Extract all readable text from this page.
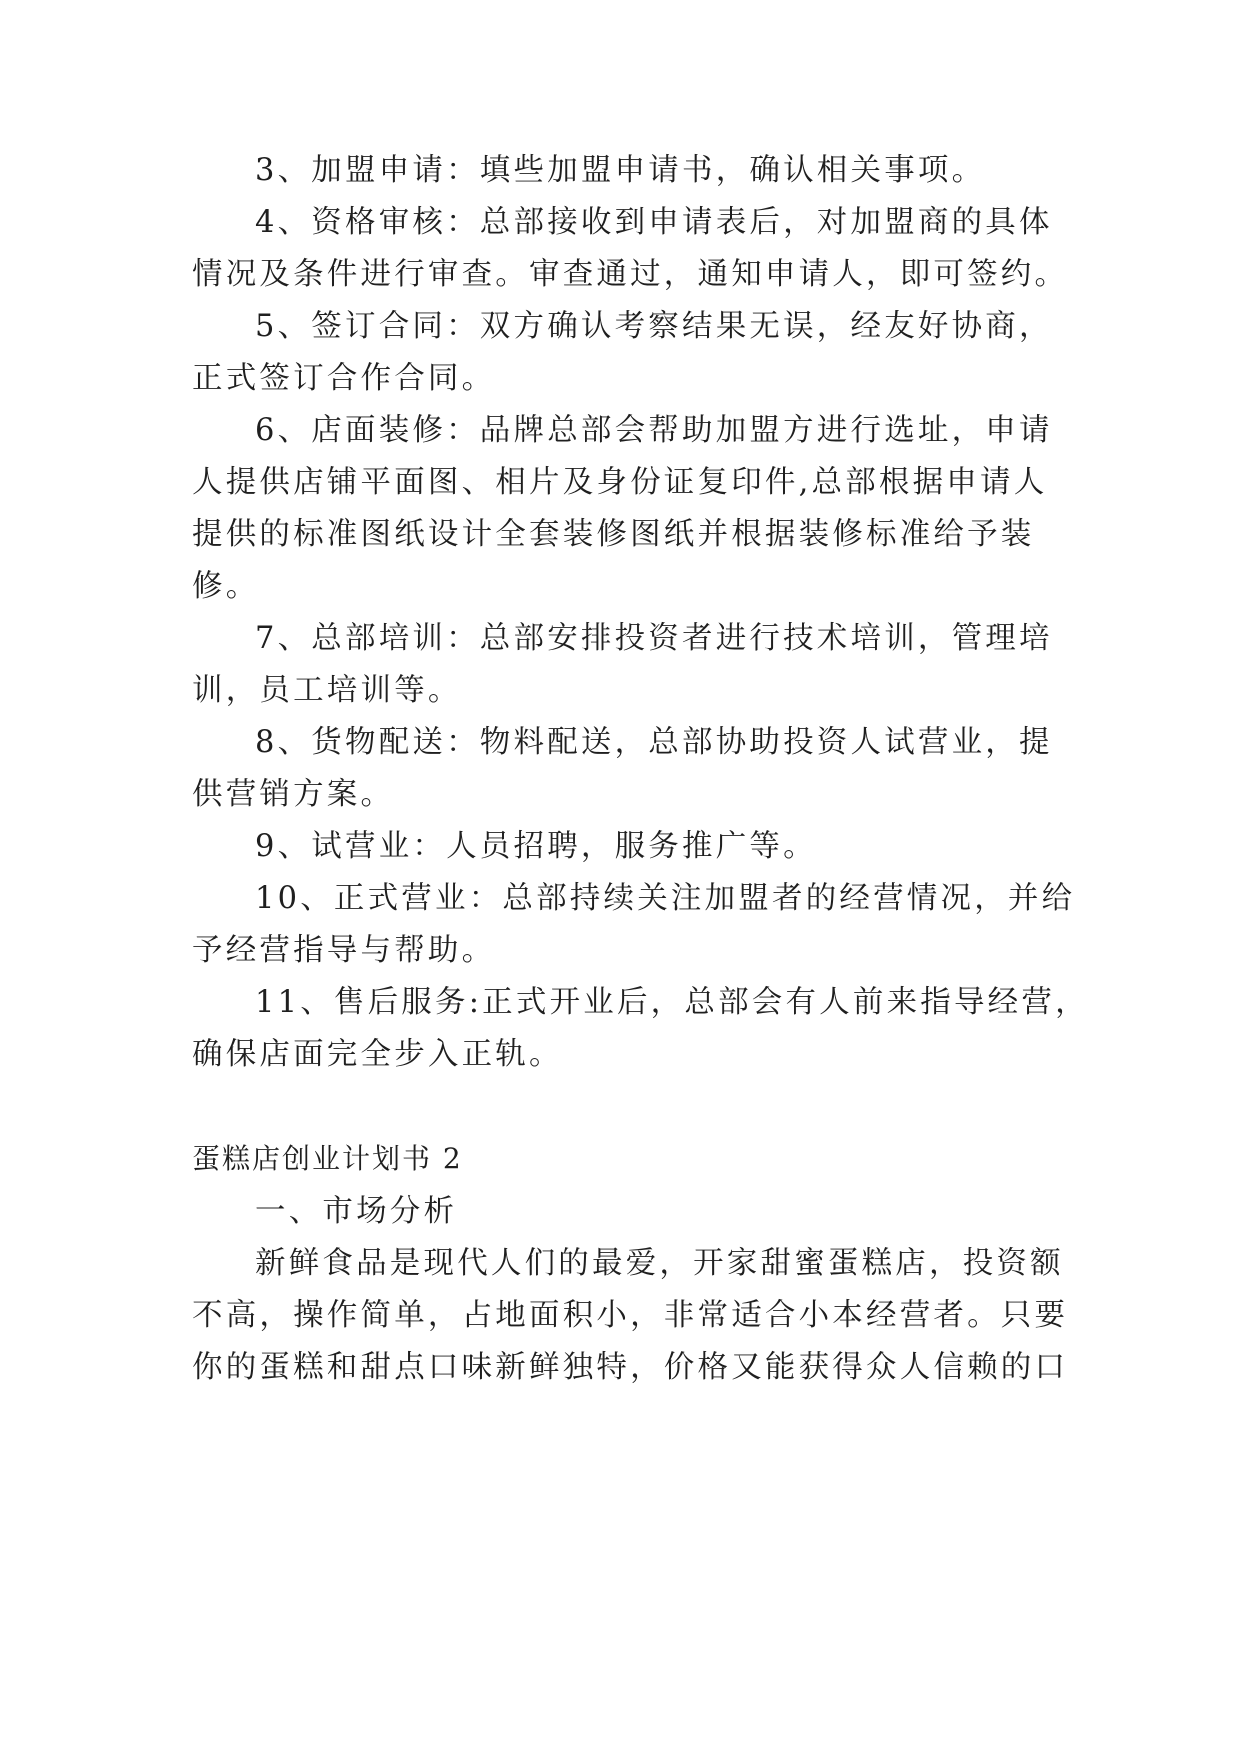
3、加盟申请：填些加盟申请书，确认相关事项。
4、资格审核：总部接收到申请表后，对加盟商的具体
情况及条件进行审查。审查通过，通知申请人，即可签约。
5、签订合同：双方确认考察结果无误，经友好协商，
正式签订合作合同。
6、店面装修：品牌总部会帮助加盟方进行选址，申请
人提供店铺平面图、相片及身份证复印件,总部根据申请人
提供的标准图纸设计全套装修图纸并根据装修标准给予装
修。
7、总部培训：总部安排投资者进行技术培训，管理培
训，员工培训等。
8、货物配送：物料配送，总部协助投资人试营业，提
供营销方案。
9、试营业：人员招聘，服务推广等。
10、正式营业：总部持续关注加盟者的经营情况，并给
予经营指导与帮助。
11、售后服务:正式开业后，总部会有人前来指导经营，
确保店面完全步入正轨。
蛋糕店创业计划书 2
一、市场分析
新鲜食品是现代人们的最爱，开家甜蜜蛋糕店，投资额
不高，操作简单，占地面积小，非常适合小本经营者。只要
你的蛋糕和甜点口味新鲜独特，价格又能获得众人信赖的口
